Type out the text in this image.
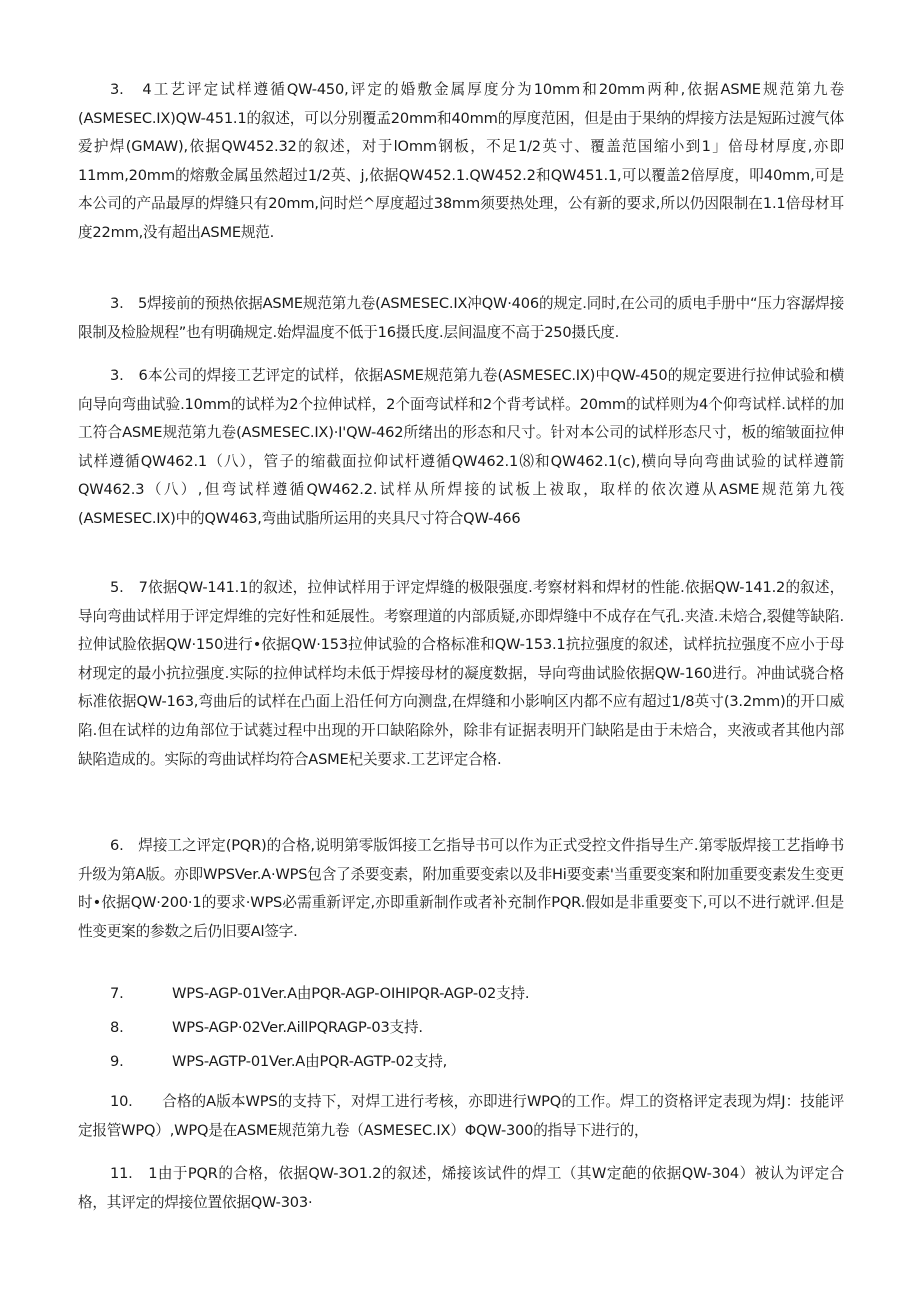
3.　4工艺评定试样遵循QW-450,评定的婚敷金属厚度分为10mm和20mm两种,依据ASME规范第九卷(ASMESEC.IX)QW-451.1的叙述，可以分别覆孟20mm和40mm的厚度范困，但是由于果纳的焊接方法是短跖过渡气体爱护焊(GMAW),依据QW452.32的叙述，对于lOmm钢板，不足1/2英寸、覆盖范国缩小到1」倍母材厚度,亦即11mm,20mm的熔敷金属虽然超过1/2英、j,依据QW452.1.QW452.2和QW451.1,可以覆盖2倍厚度，叩40mm,可是本公司的产品最厚的焊缝只有20mm,问时烂^厚度超过38mm须要热处理，公有新的要求,所以仍因限制在1.1倍母材耳度22mm,没有超出ASME规范.

3.　5焊接前的预热依据ASME规范第九卷(ASMESEC.IX冲QW·406的规定.同时,在公司的质电手册中“压力容潺焊接限制及检脸规程”也有明确规定.始焊温度不低于16摄氏度.层间温度不高于250摄氏度.

3.　6本公司的焊接工艺评定的试样，依据ASME规范第九卷(ASMESEC.IX)中QW-450的规定要进行拉伸试验和横向导向弯曲试验.10mm的试样为2个拉伸试样，2个面弯试样和2个背考试样。20mm的试样则为4个仰弯试样.试样的加工符合ASME规范第九卷(ASMESEC.IX)·I'QW-462所绪出的形态和尺寸。针对本公司的试样形态尺寸，板的缩皱面拉伸试样遵循QW462.1（八），管子的缩截面拉仰试杆遵循QW462.1⑻和QW462.1(c),横向导向弯曲试验的试样遵箭QW462.3（八）,但弯试样遵循QW462.2.试样从所焊接的试板上祓取，取样的依次遵从ASME规范第九筏(ASMESEC.IX)中的QW463,弯曲试脂所运用的夹具尺寸符合QW-466

5.　7依据QW-141.1的叙述，拉伸试样用于评定焊缝的极限强度.考察材料和焊材的性能.依据QW-141.2的叙述，导向弯曲试样用于评定焊维的完好性和延展性。考察理道的内部质疑,亦即焊缝中不成存在气孔.夹渣.未焙合,裂健等缺陷.拉伸试脸依据QW·150进行•依据QW·153拉伸试验的合格标准和QW-153.1抗拉强度的叙述，试样抗拉强度不应小于母材现定的最小抗拉强度.实际的拉伸试样均未低于焊接母材的凝度数据，导向弯曲试脸依据QW-160进行。冲曲试骁合格标准依据QW-163,弯曲后的试样在凸面上沿任何方向测盘,在焊缝和小影响区内都不应有超过1/8英寸(3.2mm)的开口威陷.但在试样的边角部位于试蕤过程中出现的开口缺陷除外，除非有证据表明开门缺陷是由于未焙合，夹液或者其他内部缺陷造成的。实际的弯曲试样均符合ASME杞关要求.工艺评定合格.

6.　焊接工之评定(PQR)的合格,说明第零版饵接工乞指导书可以作为正式受控文件指导生产.第零版焊接工艺指峥书升级为第A版。亦即WPSVer.A·WPS包含了杀要变素，附加重要变索以及非Hi要变素'当重要变案和附加重要变素发生变更时•依据QW·200·1的要求·WPS必需重新评定,亦即重新制作或者补充制作PQR.假如是非重要变下,可以不进行就评.但是性变更案的参数之后仍旧要Al签字.

7.	WPS-AGP-01Ver.A由PQR-AGP-OIHIPQR-AGP-02支持.
8.	WPS-AGP·02Ver.AillPQRAGP-03支持.
9.	WPS-AGTP-01Ver.A由PQR-AGTP-02支持,

10.　　合格的A版本WPS的支持下，对焊工进行考核，亦即进行WPQ的工作。焊工的资格评定表现为焊J：技能评定报管WPQ）,WPQ是在ASME规范第九卷（ASMESEC.IX）ΦQW-300的指导下进行的，

11.　1由于PQR的合格，依据QW-3O1.2的叙述，烯接该试件的焊工（其W定葩的依据QW-304）被认为评定合格，其评定的焊接位置依据QW-303·
